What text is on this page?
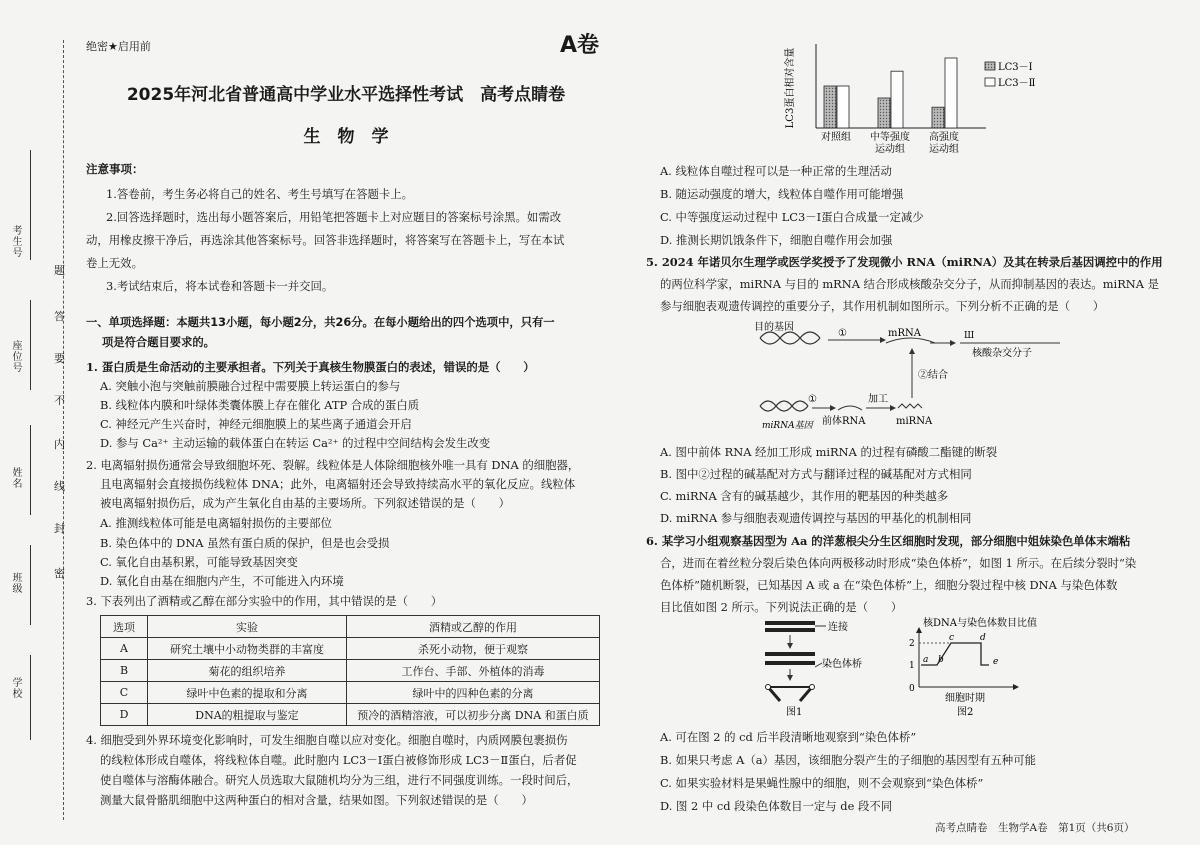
考生号
座位号
姓名
班级
学校
题
答
要
不
内
线
封
密
绝密★启用前	A卷
2025年河北省普通高中学业水平选择性考试　高考点睛卷
生　物　学
注意事项：
1.答卷前，考生务必将自己的姓名、考生号填写在答题卡上。
2.回答选择题时，选出每小题答案后，用铅笔把答题卡上对应题目的答案标号涂黑。如需改
动，用橡皮擦干净后，再选涂其他答案标号。回答非选择题时，将答案写在答题卡上，写在本试
卷上无效。
3.考试结束后，将本试卷和答题卡一并交回。
一、单项选择题：本题共13小题，每小题2分，共26分。在每小题给出的四个选项中，只有一
项是符合题目要求的。
1. 蛋白质是生命活动的主要承担者。下列关于真核生物膜蛋白的表述，错误的是（　　）
A. 突触小泡与突触前膜融合过程中需要膜上转运蛋白的参与
B. 线粒体内膜和叶绿体类囊体膜上存在催化 ATP 合成的蛋白质
C. 神经元产生兴奋时，神经元细胞膜上的某些离子通道会开启
D. 参与 Ca²⁺ 主动运输的载体蛋白在转运 Ca²⁺ 的过程中空间结构会发生改变
2. 电离辐射损伤通常会导致细胞坏死、裂解。线粒体是人体除细胞核外唯一具有 DNA 的细胞器，
且电离辐射会直接损伤线粒体 DNA；此外，电离辐射还会导致持续高水平的氧化反应。线粒体
被电离辐射损伤后，成为产生氧化自由基的主要场所。下列叙述错误的是（　　）
A. 推测线粒体可能是电离辐射损伤的主要部位
B. 染色体中的 DNA 虽然有蛋白质的保护，但是也会受损
C. 氧化自由基积累，可能导致基因突变
D. 氧化自由基在细胞内产生，不可能进入内环境
3. 下表列出了酒精或乙醇在部分实验中的作用，其中错误的是（　　）
选项	实验	酒精或乙醇的作用
A	研究土壤中小动物类群的丰富度	杀死小动物，便于观察
B	菊花的组织培养	工作台、手部、外植体的消毒
C	绿叶中色素的提取和分离	绿叶中的四种色素的分离
D	DNA的粗提取与鉴定	预冷的酒精溶液，可以初步分离 DNA 和蛋白质
4. 细胞受到外界环境变化影响时，可发生细胞自噬以应对变化。细胞自噬时，内质网膜包裹损伤
的线粒体形成自噬体，将线粒体自噬。此时胞内 LC3－Ⅰ蛋白被修饰形成 LC3－Ⅱ蛋白，后者促
使自噬体与溶酶体融合。研究人员选取大鼠随机均分为三组，进行不同强度训练。一段时间后，
测量大鼠骨骼肌细胞中这两种蛋白的相对含量，结果如图。下列叙述错误的是（　　）
LC3蛋白相对含量
对照组 中等强度
运动组
高强度
运动组
LC3－Ⅰ
LC3－Ⅱ
A. 线粒体自噬过程可以是一种正常的生理活动
B. 随运动强度的增大，线粒体自噬作用可能增强
C. 中等强度运动过程中 LC3－Ⅰ蛋白合成量一定减少
D. 推测长期饥饿条件下，细胞自噬作用会加强
5. 2024 年诺贝尔生理学或医学奖授予了发现微小 RNA（miRNA）及其在转录后基因调控中的作用
的两位科学家，miRNA 与目的 mRNA 结合形成核酸杂交分子，从而抑制基因的表达。miRNA 是
参与细胞表观遗传调控的重要分子，其作用机制如图所示。下列分析不正确的是（　　）
目的基因
①	mRNA	Ш
核酸杂交分子
②结合
miRNA基因
①
前体RNA
加工
miRNA
A. 图中前体 RNA 经加工形成 miRNA 的过程有磷酸二酯键的断裂
B. 图中②过程的碱基配对方式与翻译过程的碱基配对方式相同
C. miRNA 含有的碱基越少，其作用的靶基因的种类越多
D. miRNA 参与细胞表观遗传调控与基因的甲基化的机制相同
6. 某学习小组观察基因型为 Aa 的洋葱根尖分生区细胞时发现，部分细胞中姐妹染色单体末端粘
合，进而在着丝粒分裂后染色体向两极移动时形成“染色体桥”，如图 1 所示。在后续分裂时“染
色体桥”随机断裂，已知基因 A 或 a 在“染色体桥”上，细胞分裂过程中核 DNA 与染色体数
目比值如图 2 所示。下列说法正确的是（　　）
连接
染色体桥
图1
核DNA与染色体数目比值
2
1
0
a b
c	d
e
细胞时期
图2
A. 可在图 2 的 cd 后半段清晰地观察到“染色体桥”
B. 如果只考虑 A（a）基因，该细胞分裂产生的子细胞的基因型有五种可能
C. 如果实验材料是果蝇性腺中的细胞，则不会观察到“染色体桥”
D. 图 2 中 cd 段染色体数目一定与 de 段不同
高考点睛卷　生物学A卷　第1页（共6页）
